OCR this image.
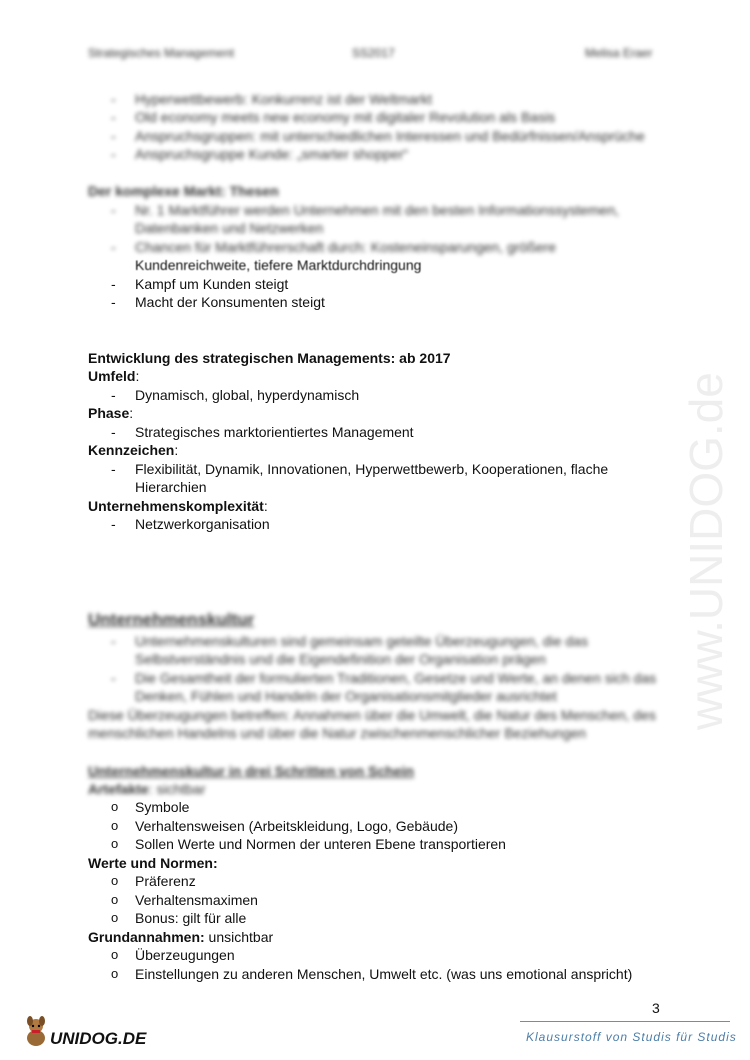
Strategisches Management	SS2017	Melisa Eraer
- Hyperwettbewerb: Konkurrenz ist der Weltmarkt
- Old economy meets new economy mit digitaler Revolution als Basis
- Anspruchsgruppen: mit unterschiedlichen Interessen und Bedürfnissen/Ansprüche
- Anspruchsgruppe Kunde: „smarter shopper“
Der komplexe Markt: Thesen
- Nr. 1 Marktführer werden Unternehmen mit den besten Informationssystemen,
Datenbanken und Netzwerken
- Chancen für Marktführerschaft durch: Kosteneinsparungen, größere
Kundenreichweite, tiefere Marktdurchdringung
- Kampf um Kunden steigt
- Macht der Konsumenten steigt
Entwicklung des strategischen Managements: ab 2017
Umfeld:
- Dynamisch, global, hyperdynamisch
Phase:
- Strategisches marktorientiertes Management
Kennzeichen:
- Flexibilität, Dynamik, Innovationen, Hyperwettbewerb, Kooperationen, flache
Hierarchien
Unternehmenskomplexität:
- Netzwerkorganisation
Unternehmenskultur
- Unternehmenskulturen sind gemeinsam geteilte Überzeugungen, die das
Selbstverständnis und die Eigendefinition der Organisation prägen
- Die Gesamtheit der formulierten Traditionen, Gesetze und Werte, an denen sich das
Denken, Fühlen und Handeln der Organisationsmitglieder ausrichtet
Diese Überzeugungen betreffen: Annahmen über die Umwelt, die Natur des Menschen, des
menschlichen Handelns und über die Natur zwischenmenschlicher Beziehungen
Unternehmenskultur in drei Schritten von Schein
Artefakte: sichtbar
o Symbole
o Verhaltensweisen (Arbeitskleidung, Logo, Gebäude)
o Sollen Werte und Normen der unteren Ebene transportieren
Werte und Normen:
o Präferenz
o Verhaltensmaximen
o Bonus: gilt für alle
Grundannahmen: unsichtbar
o Überzeugungen
o Einstellungen zu anderen Menschen, Umwelt etc. (was uns emotional anspricht)
3
www.UNIDOG.de
UNIDOG.DE	Klausurstoff von Studis für Studis
